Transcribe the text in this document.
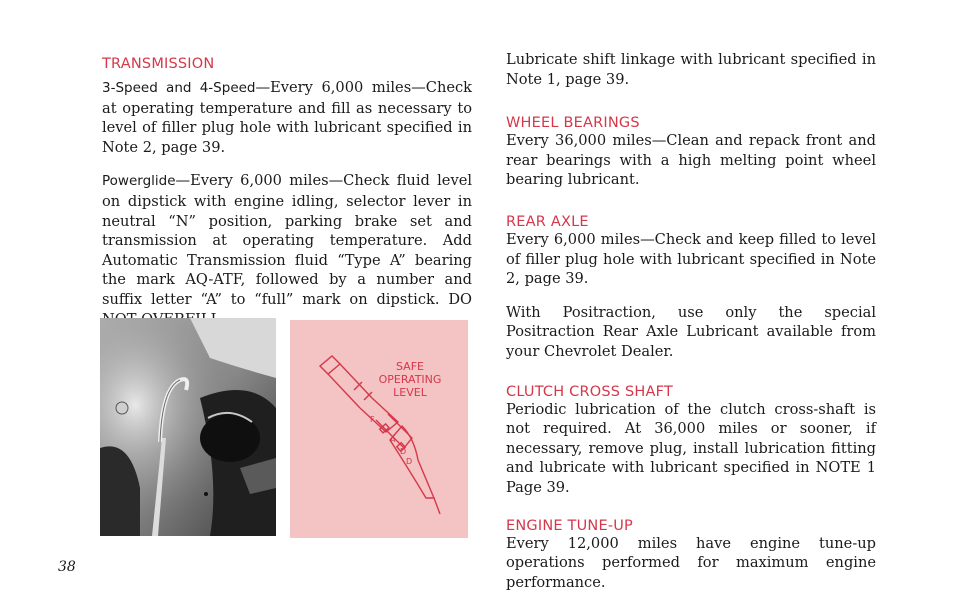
TRANSMISSION

3-Speed and 4-Speed—Every 6,000 miles—Check at operating temperature and fill as necessary to level of filler plug hole with lubricant specified in Note 2, page 39.

Powerglide—Every 6,000 miles—Check fluid level on dipstick with engine idling, selector lever in neutral “N” position, parking brake set and transmission at operating temperature. Add Automatic Transmission fluid “Type A” bearing the mark AQ-ATF, followed by a number and suffix letter “A” to “full” mark on dipstick. DO

F
A
D
D
SAFE
OPERATING
LEVEL

Lubricate shift linkage with lubricant specified in Note 1, page 39.

WHEEL BEARINGS

Every 36,000 miles—Clean and repack front and rear bearings with a high melting point wheel bearing lubricant.

REAR AXLE

Every 6,000 miles—Check and keep filled to level of filler plug hole with lubricant specified in Note 2, page 39.

With Positraction, use only the special Positraction Rear Axle Lubricant available from your Chevrolet Dealer.

CLUTCH CROSS SHAFT

Periodic lubrication of the clutch cross-shaft is not required. At 36,000 miles or sooner, if necessary, remove plug, install lubrication fitting and lubricate with lubricant specified in NOTE 1 Page 39.

ENGINE TUNE-UP

Every 12,000 miles have engine tune-up operations performed for maximum engine performance.

38
